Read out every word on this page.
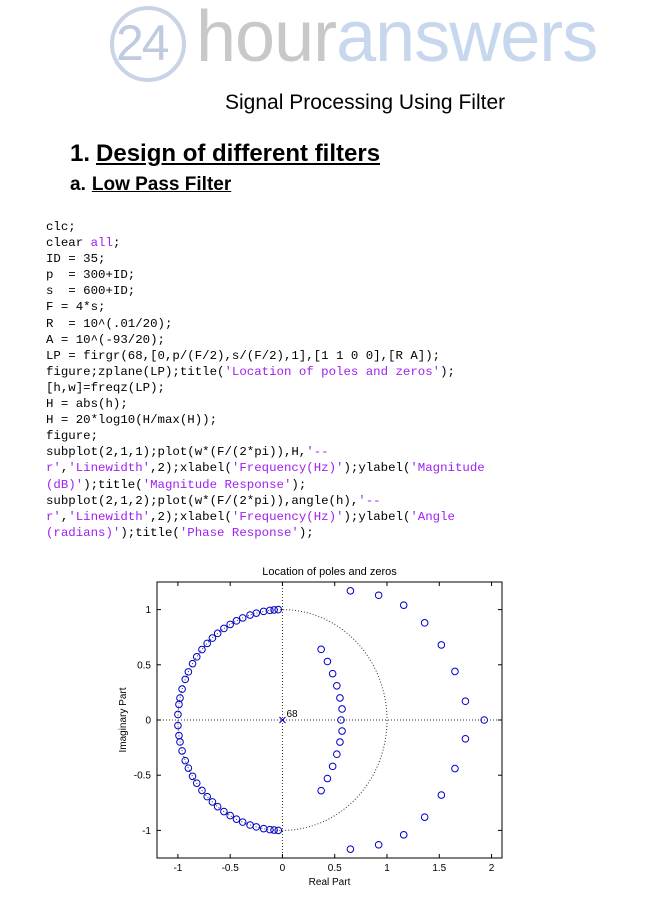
24 houranswers
Signal Processing Using Filter
1. Design of different filters
a. Low Pass Filter
clc;
clear all;
ID = 35;
p  = 300+ID;
s  = 600+ID;
F = 4*s;
R  = 10^(.01/20);
A = 10^(-93/20);
LP = firgr(68,[0,p/(F/2),s/(F/2),1],[1 1 0 0],[R A]);
figure;zplane(LP);title('Location of poles and zeros');
[h,w]=freqz(LP);
H = abs(h);
H = 20*log10(H/max(H));
figure;
subplot(2,1,1);plot(w*(F/(2*pi)),H,'--
r','Linewidth',2);xlabel('Frequency(Hz)');ylabel('Magnitude
(dB)');title('Magnitude Response');
subplot(2,1,2);plot(w*(F/(2*pi)),angle(h),'--
r','Linewidth',2);xlabel('Frequency(Hz)');ylabel('Angle
(radians)');title('Phase Response');
-1	-0.5	0	0.5	1	1.5	2
-1
-0.5
0
0.5
1
68
Location of poles and zeros
Real Part
Imaginary Part
